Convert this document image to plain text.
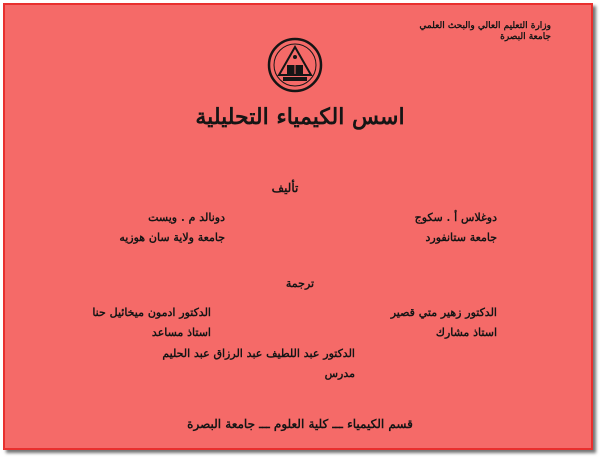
وزارة التعليم العالي والبحث العلمي
جامعة البصرة
اسس الكيمياء التحليلية
تأليف
دوغلاس أ . سكوج
جامعة ستانفورد
دونالد م . ويست
جامعة ولاية سان هوزيه
ترجمة
الدكتور زهير متي قصير
استاذ مشارك
الدكتور ادمون ميخائيل حنا
استاذ مساعد
الدكتور عبد اللطيف عبد الرزاق عبد الحليم
مدرس
قسم الكيمياء ـــ كلية العلوم ـــ جامعة البصرة
